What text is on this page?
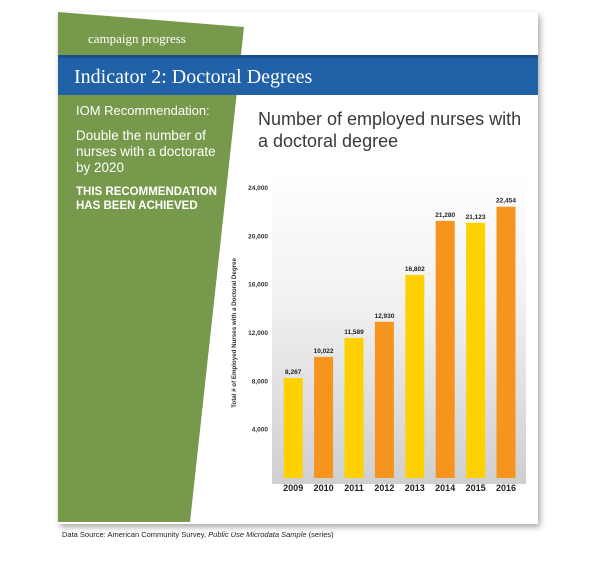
campaign progress
Indicator 2: Doctoral Degrees
IOM Recommendation:
Double the number of nurses with a doctorate by 2020
THIS RECOMMENDATION HAS BEEN ACHIEVED
Number of employed nurses with a doctoral degree
Total # of Employed Nurses with a Doctoral Degree
4,000
8,000
12,000
16,000
20,000
24,000
8,267
2009
10,022
2010
11,589
2011
12,930
2012
16,802
2013
21,280
2014
21,123
2015
22,454
2016
Data Source: American Community Survey, Public Use Microdata Sample (series)
